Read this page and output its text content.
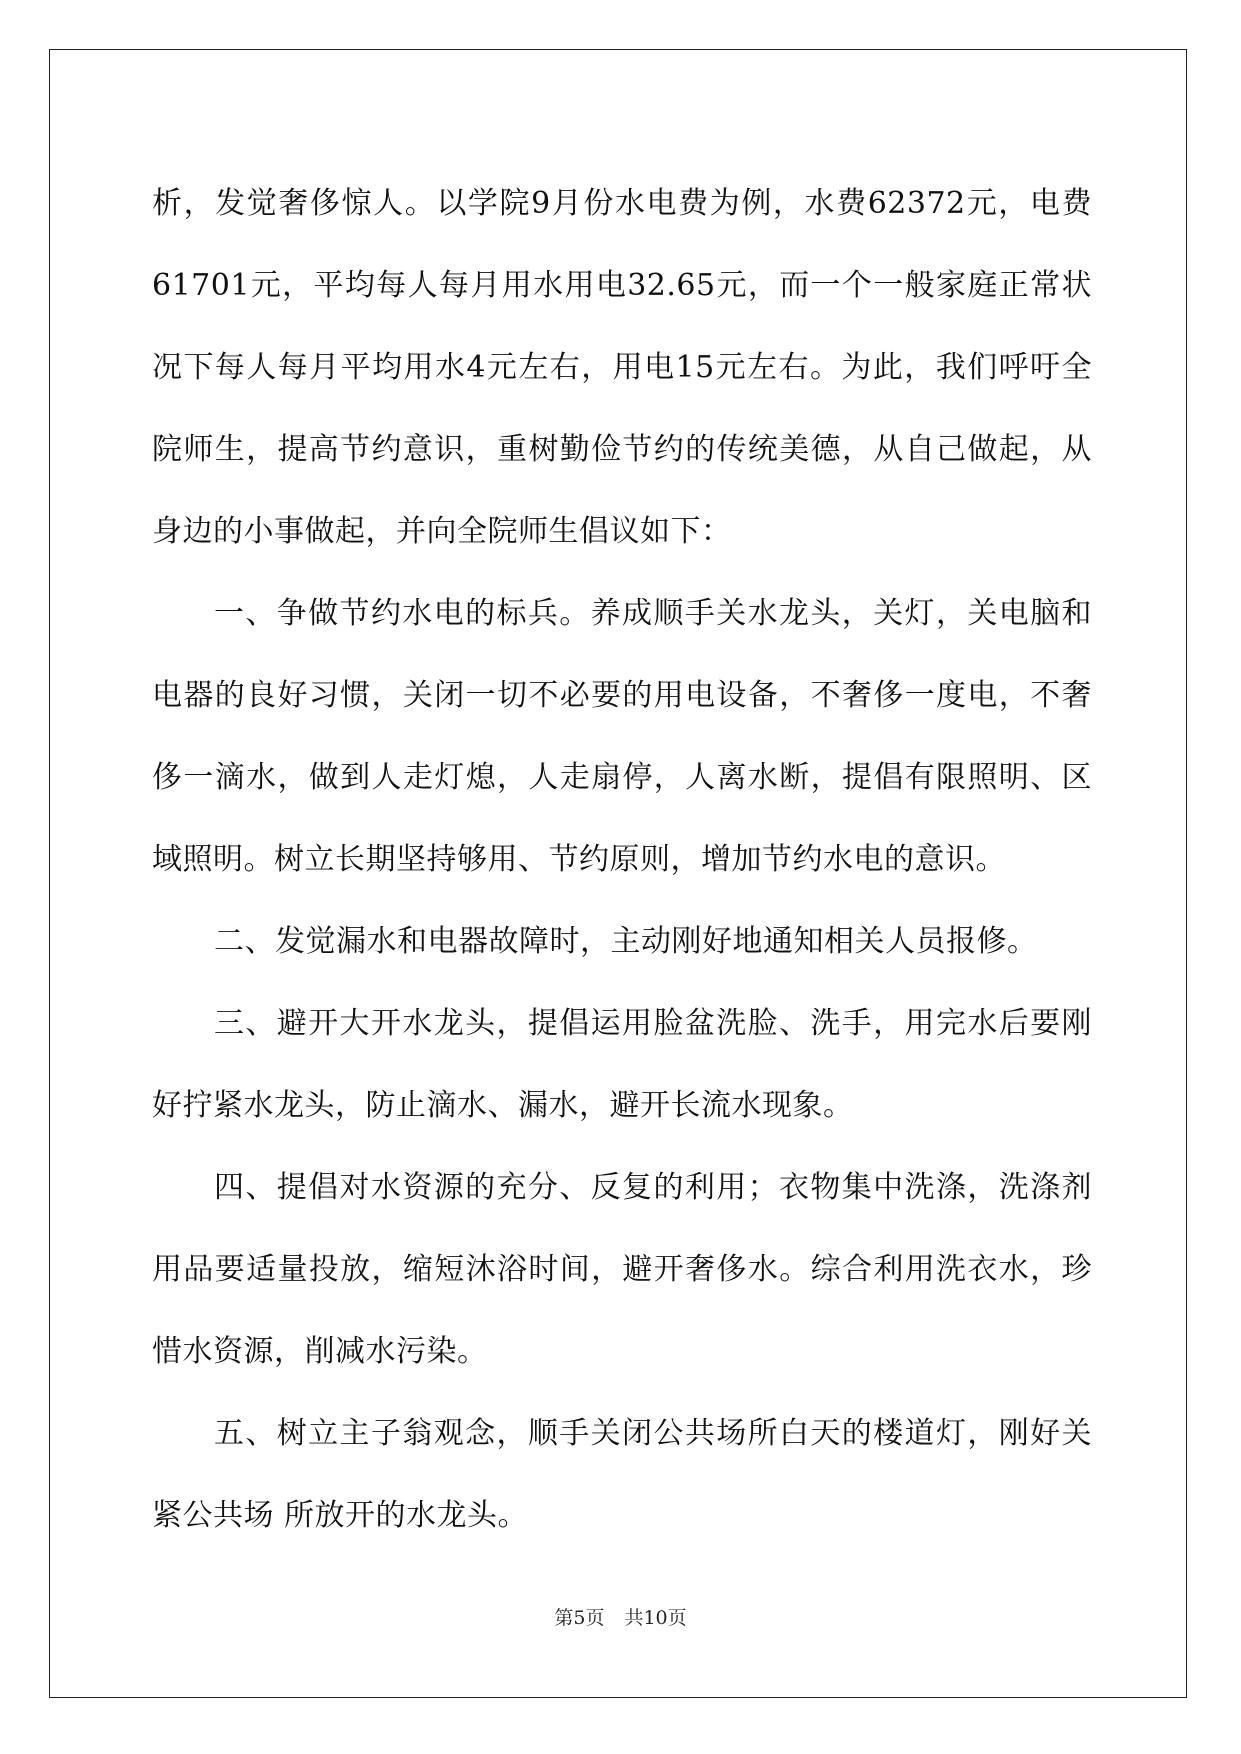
析，发觉奢侈惊人。以学院9月份水电费为例，水费62372元，电费61701元，平均每人每月用水用电32.65元，而一个一般家庭正常状况下每人每月平均用水4元左右，用电15元左右。为此，我们呼吁全院师生，提高节约意识，重树勤俭节约的传统美德，从自己做起，从身边的小事做起，并向全院师生倡议如下：

一、争做节约水电的标兵。养成顺手关水龙头，关灯，关电脑和电器的良好习惯，关闭一切不必要的用电设备，不奢侈一度电，不奢侈一滴水，做到人走灯熄，人走扇停，人离水断，提倡有限照明、区域照明。树立长期坚持够用、节约原则，增加节约水电的意识。

二、发觉漏水和电器故障时，主动刚好地通知相关人员报修。

三、避开大开水龙头，提倡运用脸盆洗脸、洗手，用完水后要刚好拧紧水龙头，防止滴水、漏水，避开长流水现象。

四、提倡对水资源的充分、反复的利用；衣物集中洗涤，洗涤剂用品要适量投放，缩短沐浴时间，避开奢侈水。综合利用洗衣水，珍惜水资源，削减水污染。

五、树立主子翁观念，顺手关闭公共场所白天的楼道灯，刚好关紧公共场 所放开的水龙头。

第5页 共10页
